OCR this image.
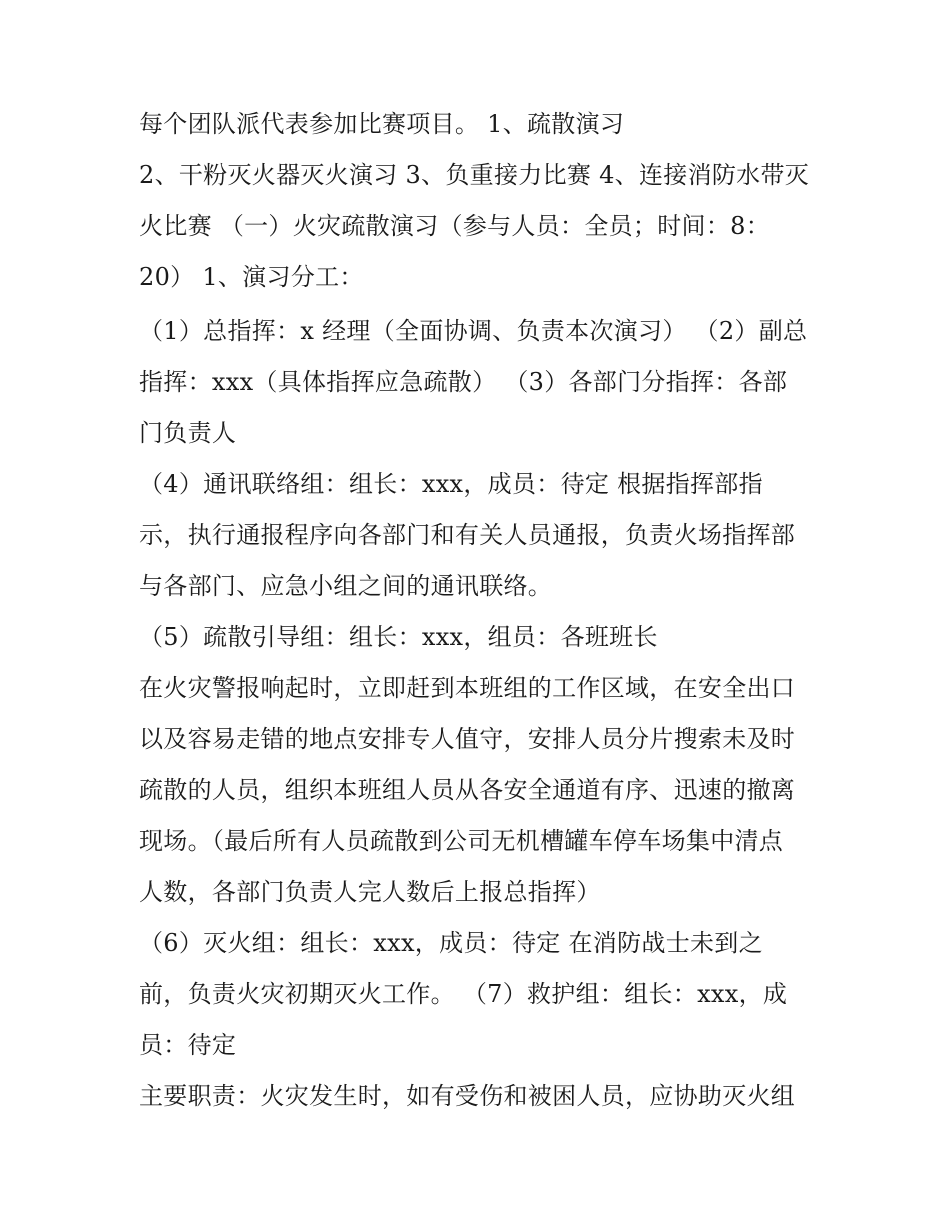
每个团队派代表参加比赛项目。 1、疏散演习
2、干粉灭火器灭火演习 3、负重接力比赛 4、连接消防水带灭
火比赛 （一）火灾疏散演习（参与人员：全员；时间：8：
20） 1、演习分工：
（1）总指挥：x 经理（全面协调、负责本次演习） （2）副总
指挥：xxx（具体指挥应急疏散） （3）各部门分指挥：各部
门负责人
（4）通讯联络组：组长：xxx，成员：待定 根据指挥部指
示，执行通报程序向各部门和有关人员通报，负责火场指挥部
与各部门、应急小组之间的通讯联络。
（5）疏散引导组：组长：xxx，组员：各班班长
在火灾警报响起时，立即赶到本班组的工作区域，在安全出口
以及容易走错的地点安排专人值守，安排人员分片搜索未及时
疏散的人员，组织本班组人员从各安全通道有序、迅速的撤离
现场。（最后所有人员疏散到公司无机槽罐车停车场集中清点
人数，各部门负责人完人数后上报总指挥）
（6）灭火组：组长：xxx，成员：待定 在消防战士未到之
前，负责火灾初期灭火工作。 （7）救护组：组长：xxx，成
员：待定
主要职责：火灾发生时，如有受伤和被困人员，应协助灭火组
